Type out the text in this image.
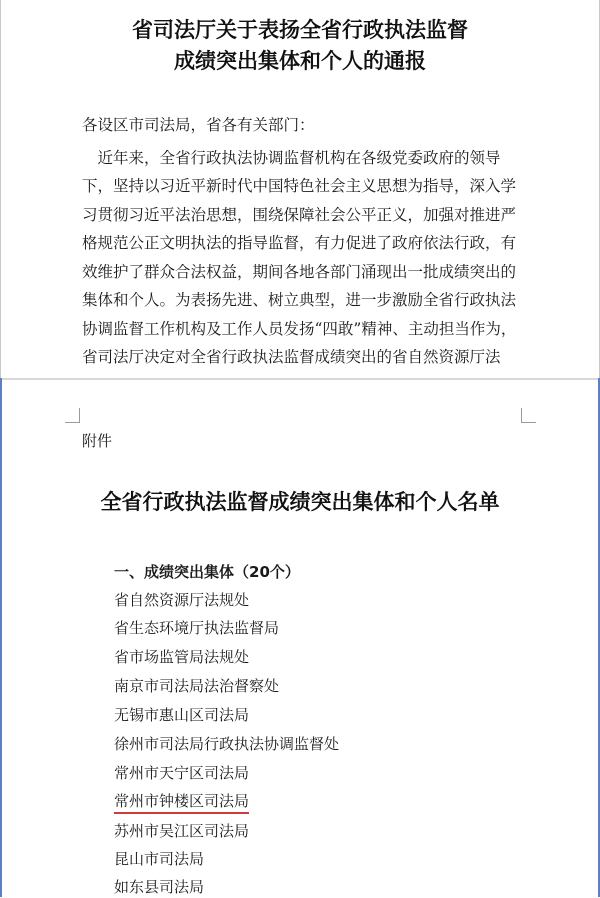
省司法厅关于表扬全省行政执法监督
成绩突出集体和个人的通报
各设区市司法局，省各有关部门：
　近年来，全省行政执法协调监督机构在各级党委政府的领导
下，坚持以习近平新时代中国特色社会主义思想为指导，深入学
习贯彻习近平法治思想，围绕保障社会公平正义，加强对推进严
格规范公正文明执法的指导监督，有力促进了政府依法行政，有
效维护了群众合法权益，期间各地各部门涌现出一批成绩突出的
集体和个人。为表扬先进、树立典型，进一步激励全省行政执法
协调监督工作机构及工作人员发扬“四敢”精神、主动担当作为，
省司法厅决定对全省行政执法监督成绩突出的省自然资源厅法
附件
全省行政执法监督成绩突出集体和个人名单
一、成绩突出集体（20个）
省自然资源厅法规处
省生态环境厅执法监督局
省市场监管局法规处
南京市司法局法治督察处
无锡市惠山区司法局
徐州市司法局行政执法协调监督处
常州市天宁区司法局
常州市钟楼区司法局
苏州市吴江区司法局
昆山市司法局
如东县司法局
